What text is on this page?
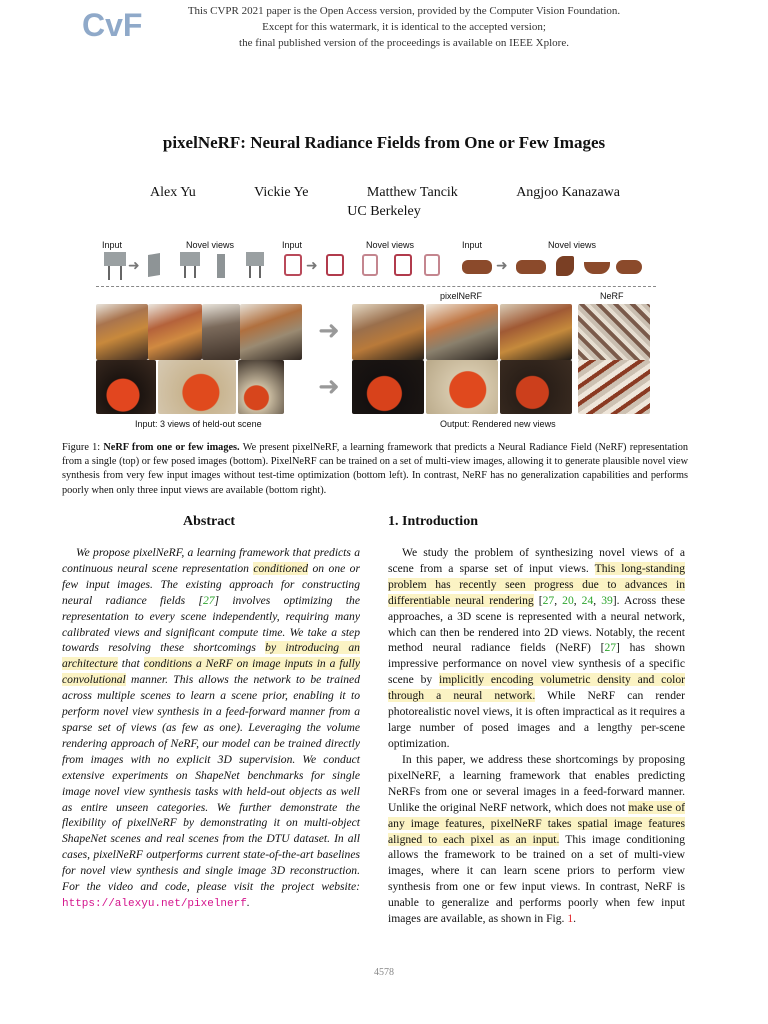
CvF	This CVPR 2021 paper is the Open Access version, provided by the Computer Vision Foundation.
Except for this watermark, it is identical to the accepted version;
the final published version of the proceedings is available on IEEE Xplore.
pixelNeRF: Neural Radiance Fields from One or Few Images
Alex Yu	Vickie Ye	Matthew Tancik	Angjoo Kanazawa
UC Berkeley
Input	Novel views	Input	Novel views	Input	Novel views
➜	➜	➜
pixelNeRF	NeRF
➜
➜
Input: 3 views of held-out scene	Output: Rendered new views
Figure 1: NeRF from one or few images. We present pixelNeRF, a learning framework that predicts a Neural Radiance Field (NeRF) representation from a single (top) or few posed images (bottom). PixelNeRF can be trained on a set of multi-view images, allowing it to generate plausible novel view synthesis from very few input images without test-time optimization (bottom left). In contrast, NeRF has no generalization capabilities and performs poorly when only three input views are available (bottom right).
Abstract
We propose pixelNeRF, a learning framework that predicts a continuous neural scene representation conditioned on one or few input images. The existing approach for constructing neural radiance fields [27] involves optimizing the representation to every scene independently, requiring many calibrated views and significant compute time. We take a step towards resolving these shortcomings by introducing an architecture that conditions a NeRF on image inputs in a fully convolutional manner. This allows the network to be trained across multiple scenes to learn a scene prior, enabling it to perform novel view synthesis in a feed-forward manner from a sparse set of views (as few as one). Leveraging the volume rendering approach of NeRF, our model can be trained directly from images with no explicit 3D supervision. We conduct extensive experiments on ShapeNet benchmarks for single image novel view synthesis tasks with held-out objects as well as entire unseen categories. We further demonstrate the flexibility of pixelNeRF by demonstrating it on multi-object ShapeNet scenes and real scenes from the DTU dataset. In all cases, pixelNeRF outperforms current state-of-the-art baselines for novel view synthesis and single image 3D reconstruction. For the video and code, please visit the project website: https://alexyu.net/pixelnerf.
1. Introduction
We study the problem of synthesizing novel views of a scene from a sparse set of input views. This long-standing problem has recently seen progress due to advances in differentiable neural rendering [27, 20, 24, 39]. Across these approaches, a 3D scene is represented with a neural network, which can then be rendered into 2D views. Notably, the recent method neural radiance fields (NeRF) [27] has shown impressive performance on novel view synthesis of a specific scene by implicitly encoding volumetric density and color through a neural network. While NeRF can render photorealistic novel views, it is often impractical as it requires a large number of posed images and a lengthy per-scene optimization.
In this paper, we address these shortcomings by proposing pixelNeRF, a learning framework that enables predicting NeRFs from one or several images in a feed-forward manner. Unlike the original NeRF network, which does not make use of any image features, pixelNeRF takes spatial image features aligned to each pixel as an input. This image conditioning allows the framework to be trained on a set of multi-view images, where it can learn scene priors to perform view synthesis from one or few input views. In contrast, NeRF is unable to generalize and performs poorly when few input images are available, as shown in Fig. 1.
4578
